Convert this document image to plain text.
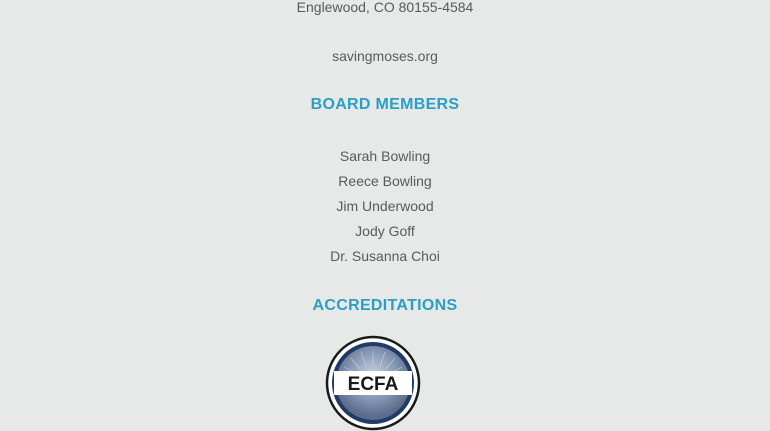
Englewood, CO 80155-4584
savingmoses.org
BOARD MEMBERS
Sarah Bowling
Reece Bowling
Jim Underwood
Jody Goff
Dr. Susanna Choi
ACCREDITATIONS
ECFA
